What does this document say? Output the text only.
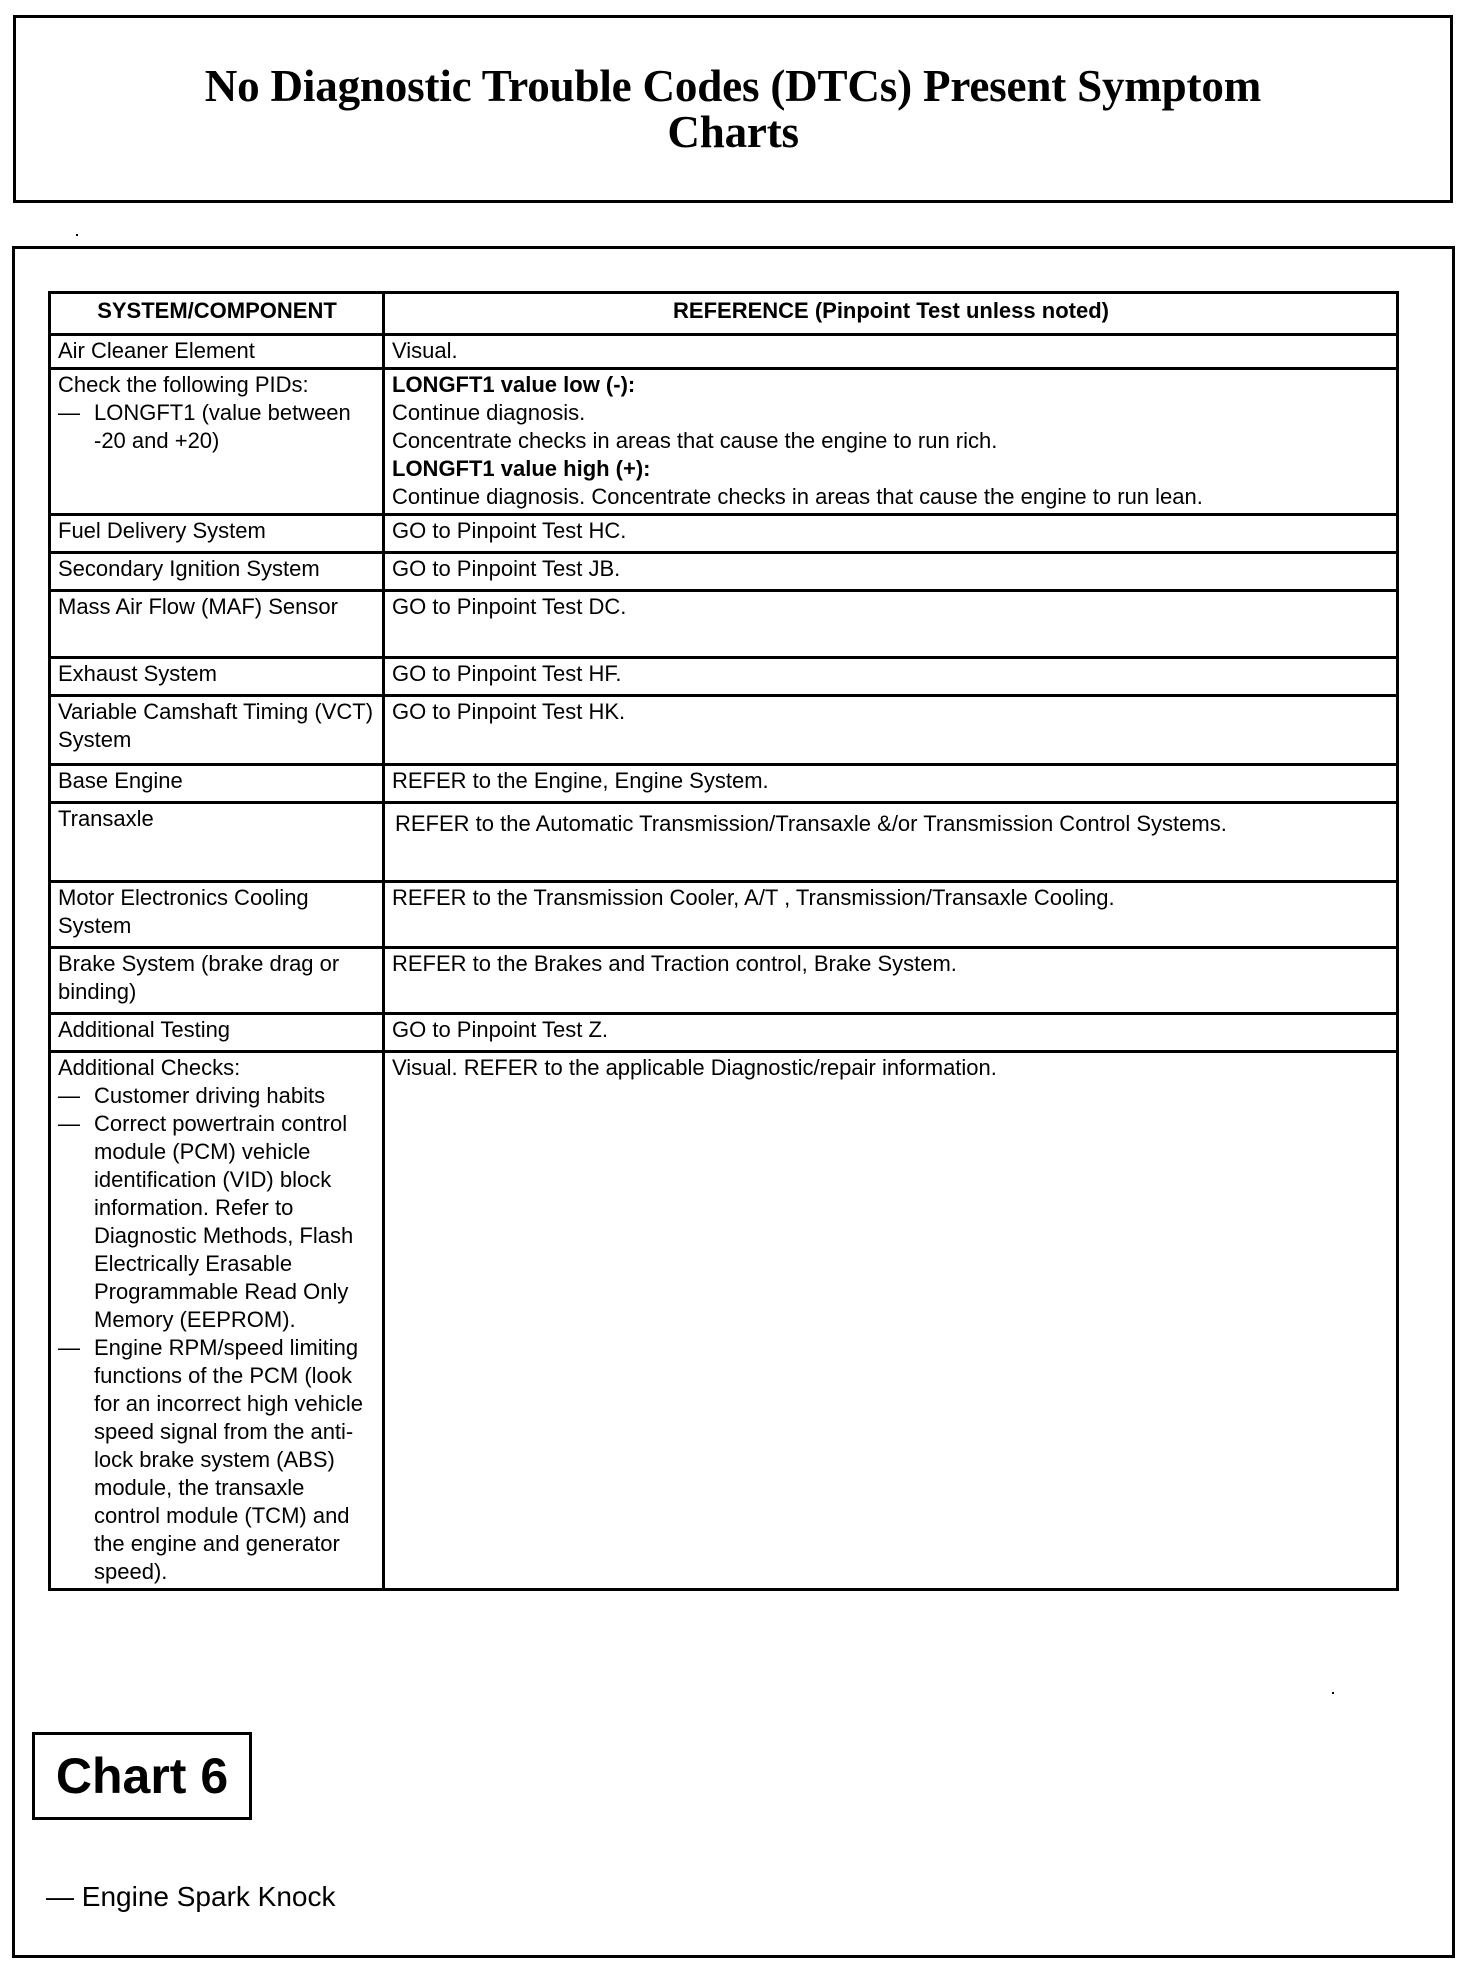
No Diagnostic Trouble Codes (DTCs) Present Symptom
Charts
SYSTEM/COMPONENT	REFERENCE (Pinpoint Test unless noted)

Air Cleaner Element	Visual.

Check the following PIDs:
— LONGFT1 (value between -20 and +20)	LONGFT1 value low (-):
Continue diagnosis.
Concentrate checks in areas that cause the engine to run rich.
LONGFT1 value high (+):
Continue diagnosis. Concentrate checks in areas that cause the engine to run lean.

Fuel Delivery System	GO to Pinpoint Test HC.

Secondary Ignition System	GO to Pinpoint Test JB.

Mass Air Flow (MAF) Sensor	GO to Pinpoint Test DC.

Exhaust System	GO to Pinpoint Test HF.

Variable Camshaft Timing (VCT) System	GO to Pinpoint Test HK.

Base Engine	REFER to the Engine, Engine System.

Transaxle	REFER to the Automatic Transmission/Transaxle &/or Transmission Control Systems.

Motor Electronics Cooling System	REFER to the Transmission Cooler, A/T , Transmission/Transaxle Cooling.

Brake System (brake drag or binding)	REFER to the Brakes and Traction control, Brake System.

Additional Testing	GO to Pinpoint Test Z.

Additional Checks:
— Customer driving habits
— Correct powertrain control module (PCM) vehicle identification (VID) block information. Refer to Diagnostic Methods, Flash Electrically Erasable Programmable Read Only Memory (EEPROM).
— Engine RPM/speed limiting functions of the PCM (look for an incorrect high vehicle speed signal from the anti-lock brake system (ABS) module, the transaxle control module (TCM) and the engine and generator speed).	Visual. REFER to the applicable Diagnostic/repair information.
Chart 6
— Engine Spark Knock
